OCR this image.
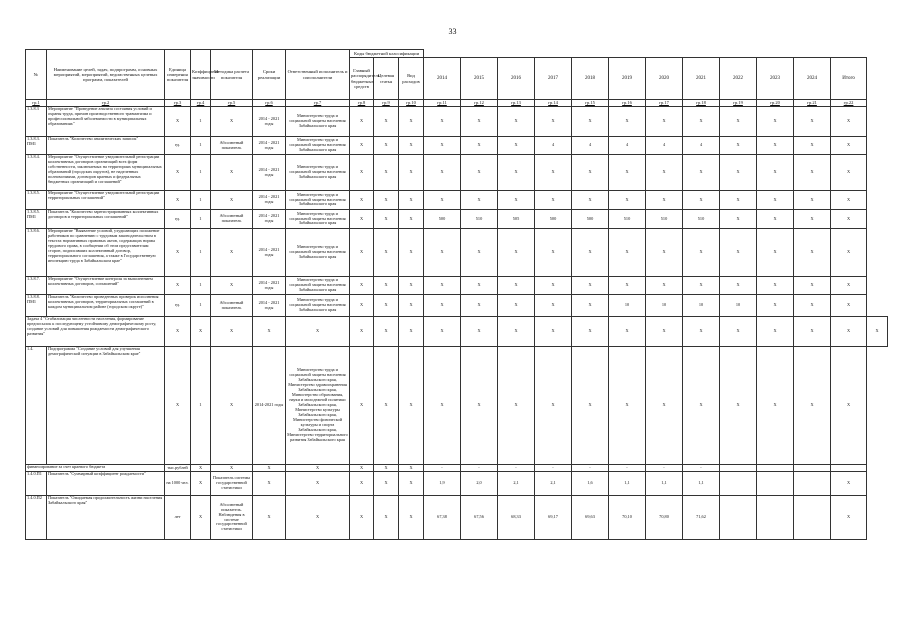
33
№	Наименование целей, задач, подпрограмм, основных мероприятий, мероприятий, ведомственных целевых программ, показателей	Единица измерения показателя	Коэффициент значимости	Методика расчета показателя	Сроки реализации	Ответственный исполнитель и соисполнители	Коды бюджетной классификации															
							Главный распорядитель бюджетных средств	Целевая статья	Вид расходов	2014	2015	2016	2017	2018	2019	2020	2021	2022	2023	2024	Итого	
гр.1	гр.2	гр.3	гр.4	гр.5	гр.6	гр.7	гр.8	гр.9	гр.10	гр.11	гр.12	гр.13	гр.14	гр.15	гр.16	гр.17	гр.18	гр.19	гр.20	гр.21	гр.22	
1.3.8.3	Мероприятие "Проведение анализа состояния условий и охраны труда, причин производственного травматизма и профессиональной заболеваемости в муниципальных образованиях"	X	1	X	2014 - 2021 годы	Министерство труда и социальной защиты населения Забайкальского края	X	X	X	X	X	X	X	X	X	X	X	X	X	X	X	
1.3.8.3. ПМ1	Показатель "Количество аналитических записок"	ед.	1	Абсолютный показатель	2014 - 2021 годы	Министерство труда и социальной защиты населения Забайкальского края	X	X	X	X	X	X	4	4	4	4	4	X	X	X	X	
1.3.8.4.	Мероприятие "Осуществление уведомительной регистрации коллективных договоров организаций всех форм собственности, заключаемых на территориях муниципальных образований (городских округов), не наделенных полномочиями, договоров краевых и федеральных бюджетных организаций и соглашений"	X	1	X	2014 - 2021 годы	Министерство труда и социальной защиты населения Забайкальского края	X	X	X	X	X	X	X	X	X	X	X	X	X	X	X	
1.3.8.5.	Мероприятие "Осуществление уведомительной регистрации территориальных соглашений"	X	1	X	2014 - 2021 годы	Министерство труда и социальной защиты населения Забайкальского края	X	X	X	X	X	X	X	X	X	X	X	X	X	X	X	
1.3.8.5. ПМ1	Показатель "Количество зарегистрированных коллективных договоров и территориальных соглашений"	ед.	1	Абсолютный показатель	2014 - 2021 годы	Министерство труда и социальной защиты населения Забайкальского края	X	X	X	500	510	505	500	500	510	510	510	X	X	X	X	
1.3.8.6.	Мероприятие "Выявление условий, ухудшающих положение работников по сравнению с трудовым законодательством в текстах нормативных правовых актов, содержащих нормы трудового права, в сообщении об этом представителям сторон, подписавших коллективный договор, территориального соглашения, а также в Государственную инспекцию труда в Забайкальском крае"	X	1	X	2014 - 2021 годы	Министерство труда и социальной защиты населения Забайкальского края	X	X	X	X	X	X	X	X	X	X	X	X	X	X	X	
1.3.8.7.	Мероприятие "Осуществление контроля за выполнением коллективных договоров, соглашений"	X	1	X	2014 - 2021 годы	Министерство труда и социальной защиты населения Забайкальского края	X	X	X	X	X	X	X	X	X	X	X	X	X	X	X	
1.3.8.8. ПМ1	Показатель "Количество проведенных проверок исполнения коллективных договоров, территориальных соглашений в каждом муниципальном районе (городском округе)"	ед.	1	Абсолютный показатель	2014 - 2021 годы	Министерство труда и социальной защиты населения Забайкальского края	X	X	X	X	X	X	X	X	10	10	10	10	X	X	X	
Задача 4 "Стабилизация численности населения, формирование предпосылок к последующему устойчивому демографическому росту, создание условий для повышения рождаемости демографического развития"		X	X	X	X	X	X	X	X	X	X	X	X	X	X	X	X	X	X	X	X	X
1.4.	Подпрограмма "Создание условий для улучшения демографической ситуации в Забайкальском крае"	X	1	X	2014-2021 годы	Министерство труда и социальной защиты населения Забайкальского края, Министерство здравоохранения Забайкальского края, Министерство образования, науки и молодежной политики Забайкальского края, Министерство культуры Забайкальского края, Министерство физической культуры и спорта Забайкальского края, Министерство территориального развития Забайкальского края	X	X	X	X	X	X	X	X	X	X	X	X	X	X	X	
финансирование за счет краевого бюджета		тыс.рублей	X	X	X	X	X	X	X	-	-	-	-	-	-	-	-					
1.4.0.П1	Показатель "Суммарный коэффициент рождаемости"	на 1000 чел.	X	Показатель системы государственной статистики	X	X	X	X	X	1,9	2,0	2,1	2,1	1,6	1,1	1,1	1,1				X	
1.4.0.П2	Показатель "Ожидаемая продолжительность жизни населения Забайкальского края"	лет	X	Абсолютный показатель. Наблюдения в системе государственной статистики	X	X	X	X	X	67,38	67,56	68,33	69,17	69,63	70,10	70,80	71,62				X	
